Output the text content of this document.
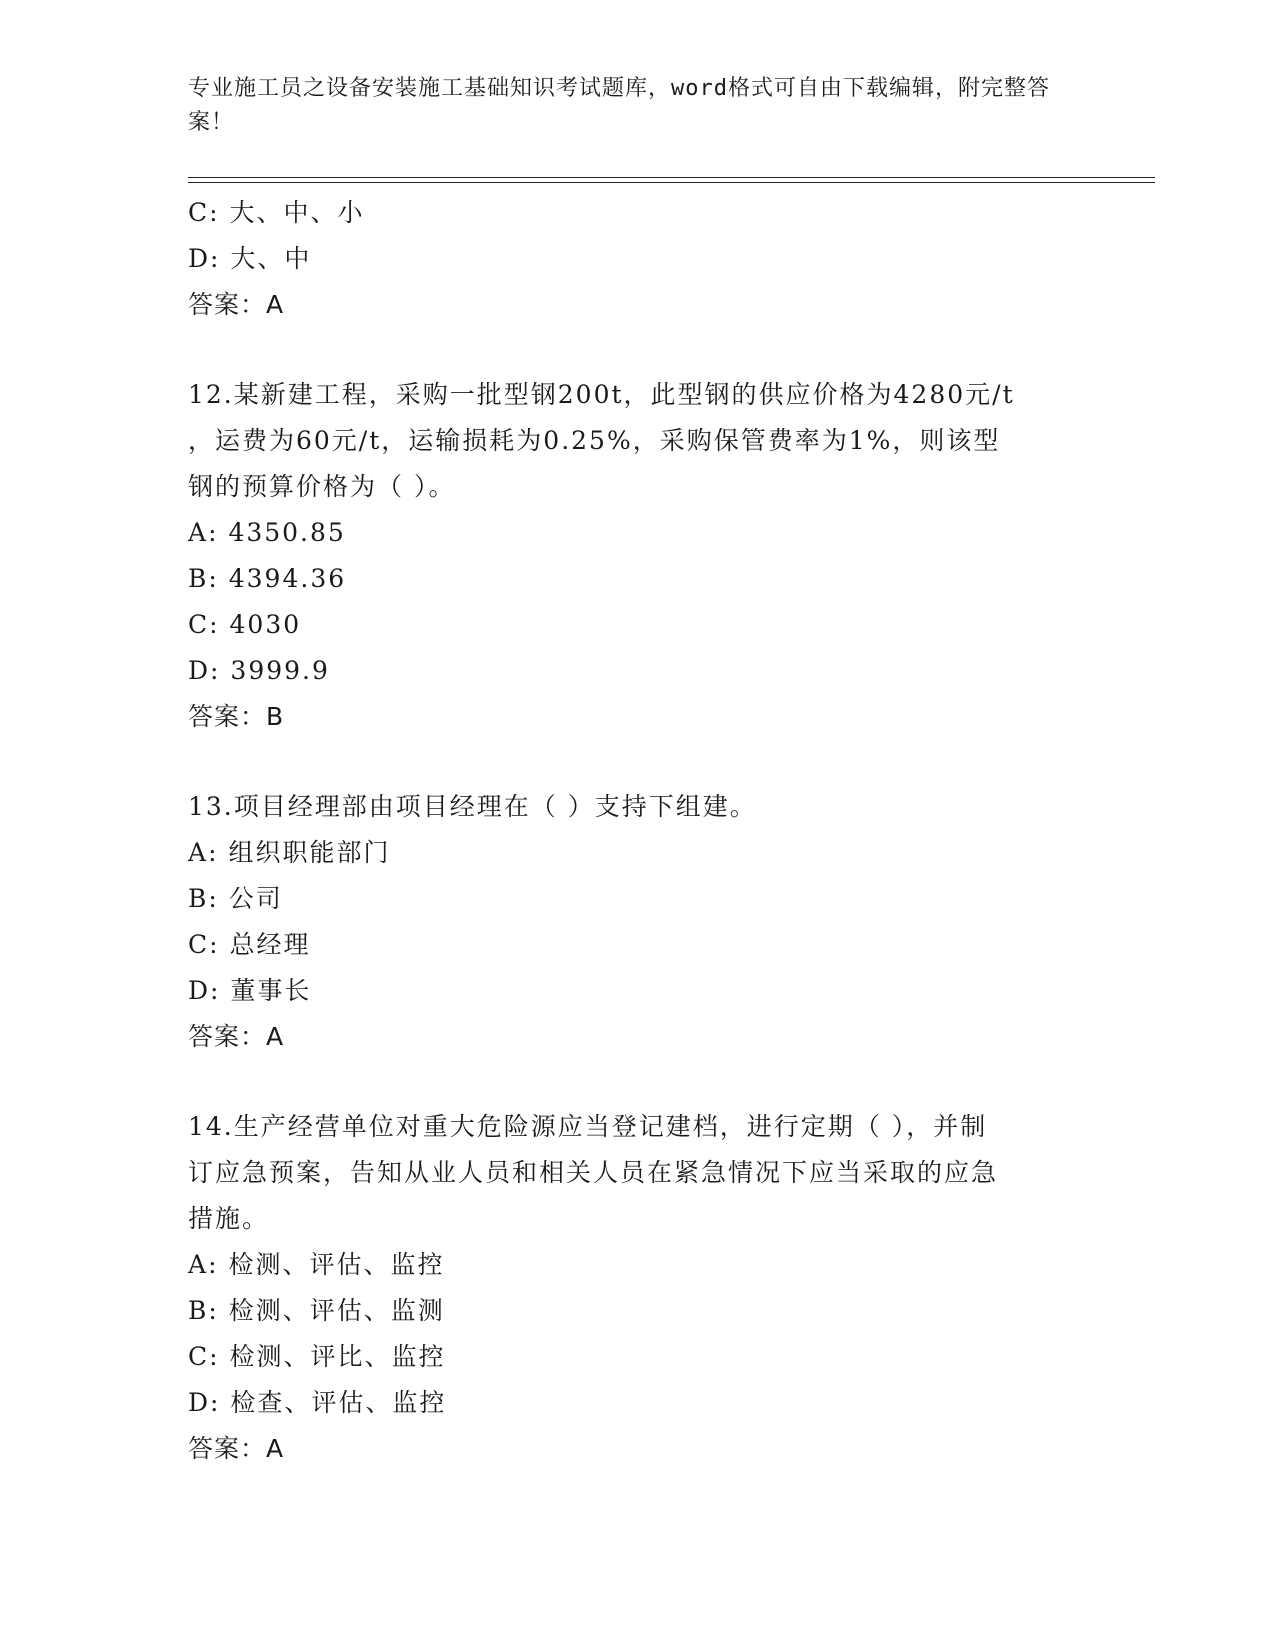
专业施工员之设备安装施工基础知识考试题库，word格式可自由下载编辑，附完整答案！
C: 大、中、小
D: 大、中
答案：A
12.某新建工程，采购一批型钢200t，此型钢的供应价格为4280元/t
，运费为60元/t，运输损耗为0.25%，采购保管费率为1%，则该型
钢的预算价格为（ ）。
A: 4350.85
B: 4394.36
C: 4030
D: 3999.9
答案：B
13.项目经理部由项目经理在（ ）支持下组建。
A: 组织职能部门
B: 公司
C: 总经理
D: 董事长
答案：A
14.生产经营单位对重大危险源应当登记建档，进行定期（ ），并制
订应急预案，告知从业人员和相关人员在紧急情况下应当采取的应急
措施。
A: 检测、评估、监控
B: 检测、评估、监测
C: 检测、评比、监控
D: 检查、评估、监控
答案：A
